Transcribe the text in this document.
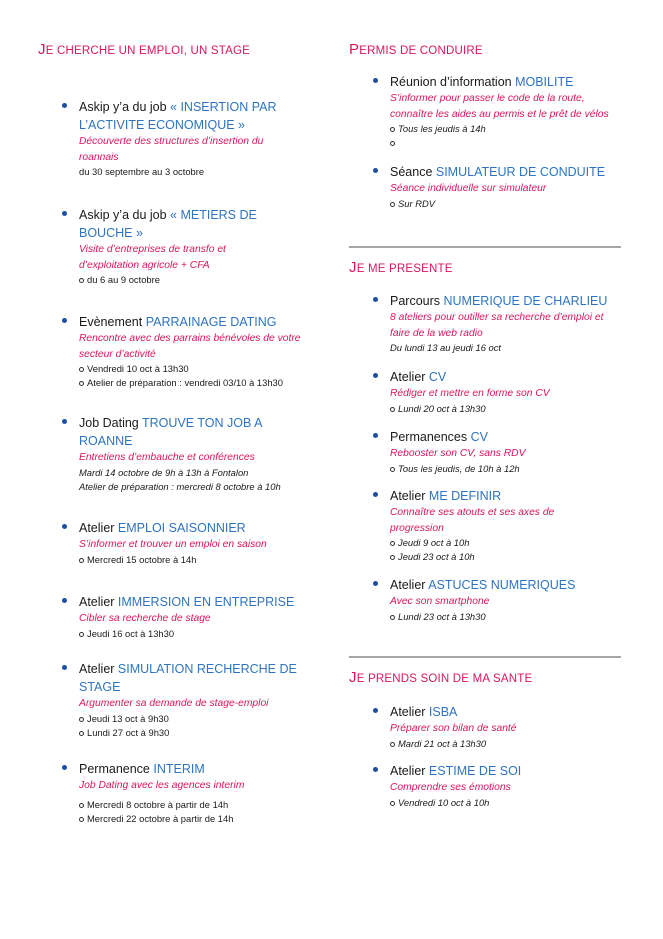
JE CHERCHE UN EMPLOI, UN STAGE
Askip y’a du job « INSERTION PAR L’ACTIVITE ECONOMIQUE »
Découverte des structures d’insertion du roannais
du 30 septembre au 3 octobre
Askip y’a du job « METIERS DE BOUCHE »
Visite d’entreprises de transfo et d’exploitation agricole + CFA
du 6 au 9 octobre
Evènement PARRAINAGE DATING
Rencontre avec des parrains bénévoles de votre secteur d’activité
Vendredi 10 oct à 13h30
Atelier de préparation : vendredi 03/10 à 13h30
Job Dating TROUVE TON JOB A ROANNE
Entretiens d’embauche et conférences
Mardi 14 octobre de 9h à 13h à Fontalon
Atelier de préparation : mercredi 8 octobre à 10h
Atelier EMPLOI SAISONNIER
S’informer et trouver un emploi en saison
Mercredi 15 octobre à 14h
Atelier IMMERSION EN ENTREPRISE
Cibler sa recherche de stage
Jeudi 16 oct à 13h30
Atelier SIMULATION RECHERCHE DE STAGE
Argumenter sa demande de stage-emploi
Jeudi 13 oct à 9h30
Lundi 27 oct à 9h30
Permanence INTERIM
Job Dating avec les agences interim
Mercredi 8 octobre à partir de 14h
Mercredi 22 octobre à partir de 14h
PERMIS DE CONDUIRE
Réunion d’information MOBILITE
S’informer pour passer le code de la route, connaître les aides au permis et le prêt de vélos
Tous les jeudis à 14h

Séance SIMULATEUR DE CONDUITE
Séance individuelle sur simulateur
Sur RDV
JE ME PRESENTE
Parcours NUMERIQUE DE CHARLIEU
8 ateliers pour outiller sa recherche d’emploi et faire de la web radio
Du lundi 13 au jeudi 16 oct
Atelier CV
Rédiger et mettre en forme son CV
Lundi 20 oct à 13h30
Permanences CV
Rebooster son CV, sans RDV
Tous les jeudis, de 10h à 12h
Atelier ME DEFINIR
Connaître ses atouts et ses axes de progression
Jeudi 9 oct à 10h
Jeudi 23 oct à 10h
Atelier ASTUCES NUMERIQUES
Avec son smartphone
Lundi 23 oct à 13h30
JE PRENDS SOIN DE MA SANTE
Atelier ISBA
Préparer son bilan de santé
Mardi 21 oct à 13h30
Atelier ESTIME DE SOI
Comprendre ses émotions
Vendredi 10 oct à 10h
